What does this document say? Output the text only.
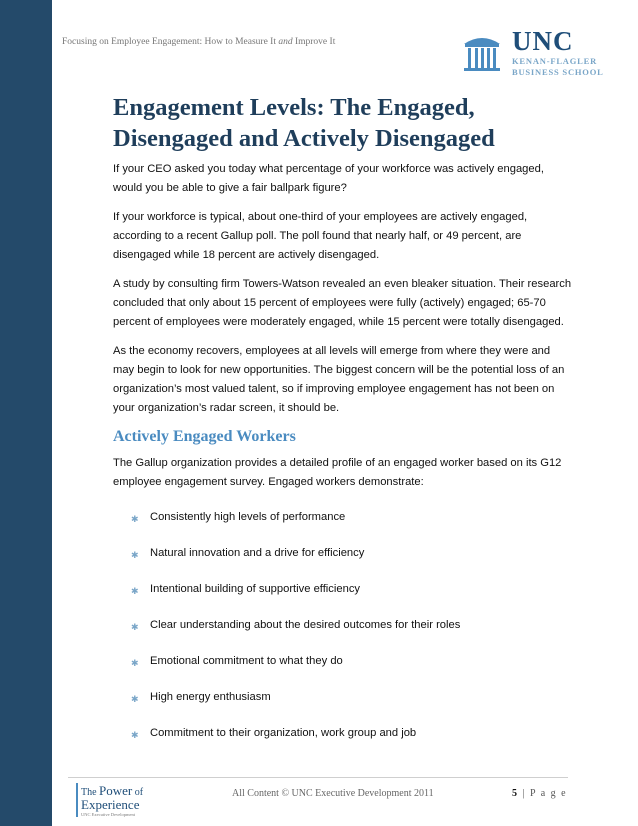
Focusing on Employee Engagement: How to Measure It and Improve It	UNC
KENAN-FLAGLER
BUSINESS SCHOOL
Engagement Levels: The Engaged,
Disengaged and Actively Disengaged

If your CEO asked you today what percentage of your workforce was actively engaged, would you be able to give a fair ballpark figure?

If your workforce is typical, about one-third of your employees are actively engaged, according to a recent Gallup poll. The poll found that nearly half, or 49 percent, are disengaged while 18 percent are actively disengaged.

A study by consulting firm Towers-Watson revealed an even bleaker situation. Their research concluded that only about 15 percent of employees were fully (actively) engaged; 65-70 percent of employees were moderately engaged, while 15 percent were totally disengaged.

As the economy recovers, employees at all levels will emerge from where they were and may begin to look for new opportunities. The biggest concern will be the potential loss of an organization’s most valued talent, so if improving employee engagement has not been on your organization’s radar screen, it should be.

Actively Engaged Workers

The Gallup organization provides a detailed profile of an engaged worker based on its G12 employee engagement survey. Engaged workers demonstrate:

✱ Consistently high levels of performance
✱ Natural innovation and a drive for efficiency
✱ Intentional building of supportive efficiency
✱ Clear understanding about the desired outcomes for their roles
✱ Emotional commitment to what they do
✱ High energy enthusiasm
✱ Commitment to their organization, work group and job
The Power of
Experience
UNC Executive Development
All Content © UNC Executive Development 2011	5 | P a g e
